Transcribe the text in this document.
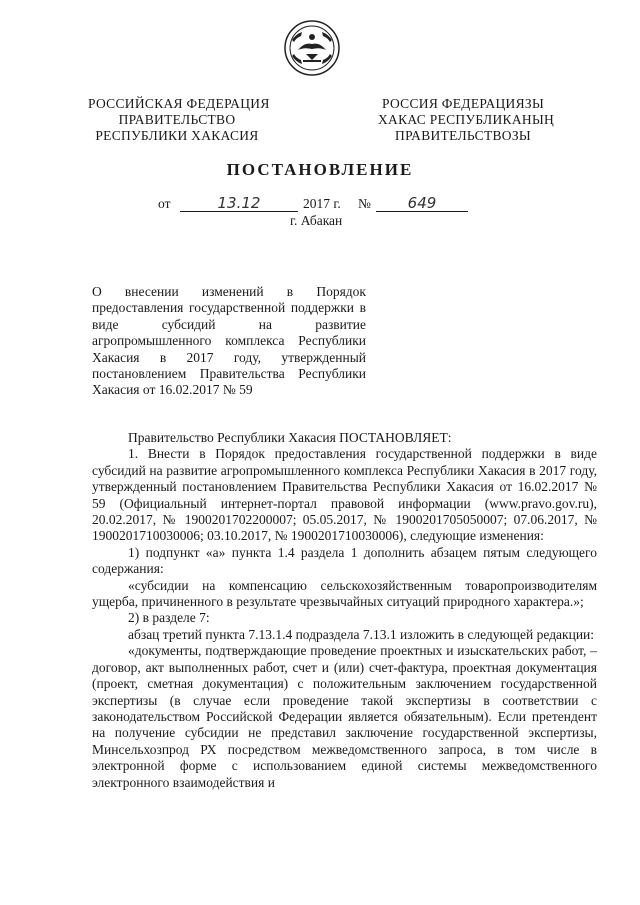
РОССИЙСКАЯ ФЕДЕРАЦИЯ
ПРАВИТЕЛЬСТВО
РЕСПУБЛИКИ ХАКАСИЯ
РОССИЯ ФЕДЕРАЦИЯЗЫ
ХАКАС РЕСПУБЛИКАНЫҢ
ПРАВИТЕЛЬСТВОЗЫ
ПОСТАНОВЛЕНИЕ
от	13.12	2017 г. №	649
г. Абакан
О внесении изменений в Порядок предоставления государственной поддержки в виде субсидий на развитие агропромышленного комплекса Республики Хакасия в 2017 году, утвержденный постановлением Правительства Республики Хакасия от 16.02.2017 № 59

Правительство Республики Хакасия ПОСТАНОВЛЯЕТ:

1. Внести в Порядок предоставления государственной поддержки в виде субсидий на развитие агропромышленного комплекса Республики Хакасия в 2017 году, утвержденный постановлением Правительства Республики Хакасия от 16.02.2017 № 59 (Официальный интернет-портал правовой информации (www.pravo.gov.ru), 20.02.2017, № 1900201702200007; 05.05.2017, № 1900201705050007; 07.06.2017, № 1900201710030006; 03.10.2017, № 1900201710030006), следующие изменения:

1) подпункт «а» пункта 1.4 раздела 1 дополнить абзацем пятым следующего содержания:

«субсидии на компенсацию сельскохозяйственным товаропроизводителям ущерба, причиненного в результате чрезвычайных ситуаций природного характера.»;

2) в разделе 7:

абзац третий пункта 7.13.1.4 подраздела 7.13.1 изложить в следующей редакции:

«документы, подтверждающие проведение проектных и изыскательских работ, – договор, акт выполненных работ, счет и (или) счет-фактура, проектная документация (проект, сметная документация) с положительным заключением государственной экспертизы (в случае если проведение такой экспертизы в соответствии с законодательством Российской Федерации является обязательным). Если претендент на получение субсидии не представил заключение государственной экспертизы, Минсельхозпрод РХ посредством межведомственного запроса, в том числе в электронной форме с использованием единой системы межведомственного электронного взаимодействия и
